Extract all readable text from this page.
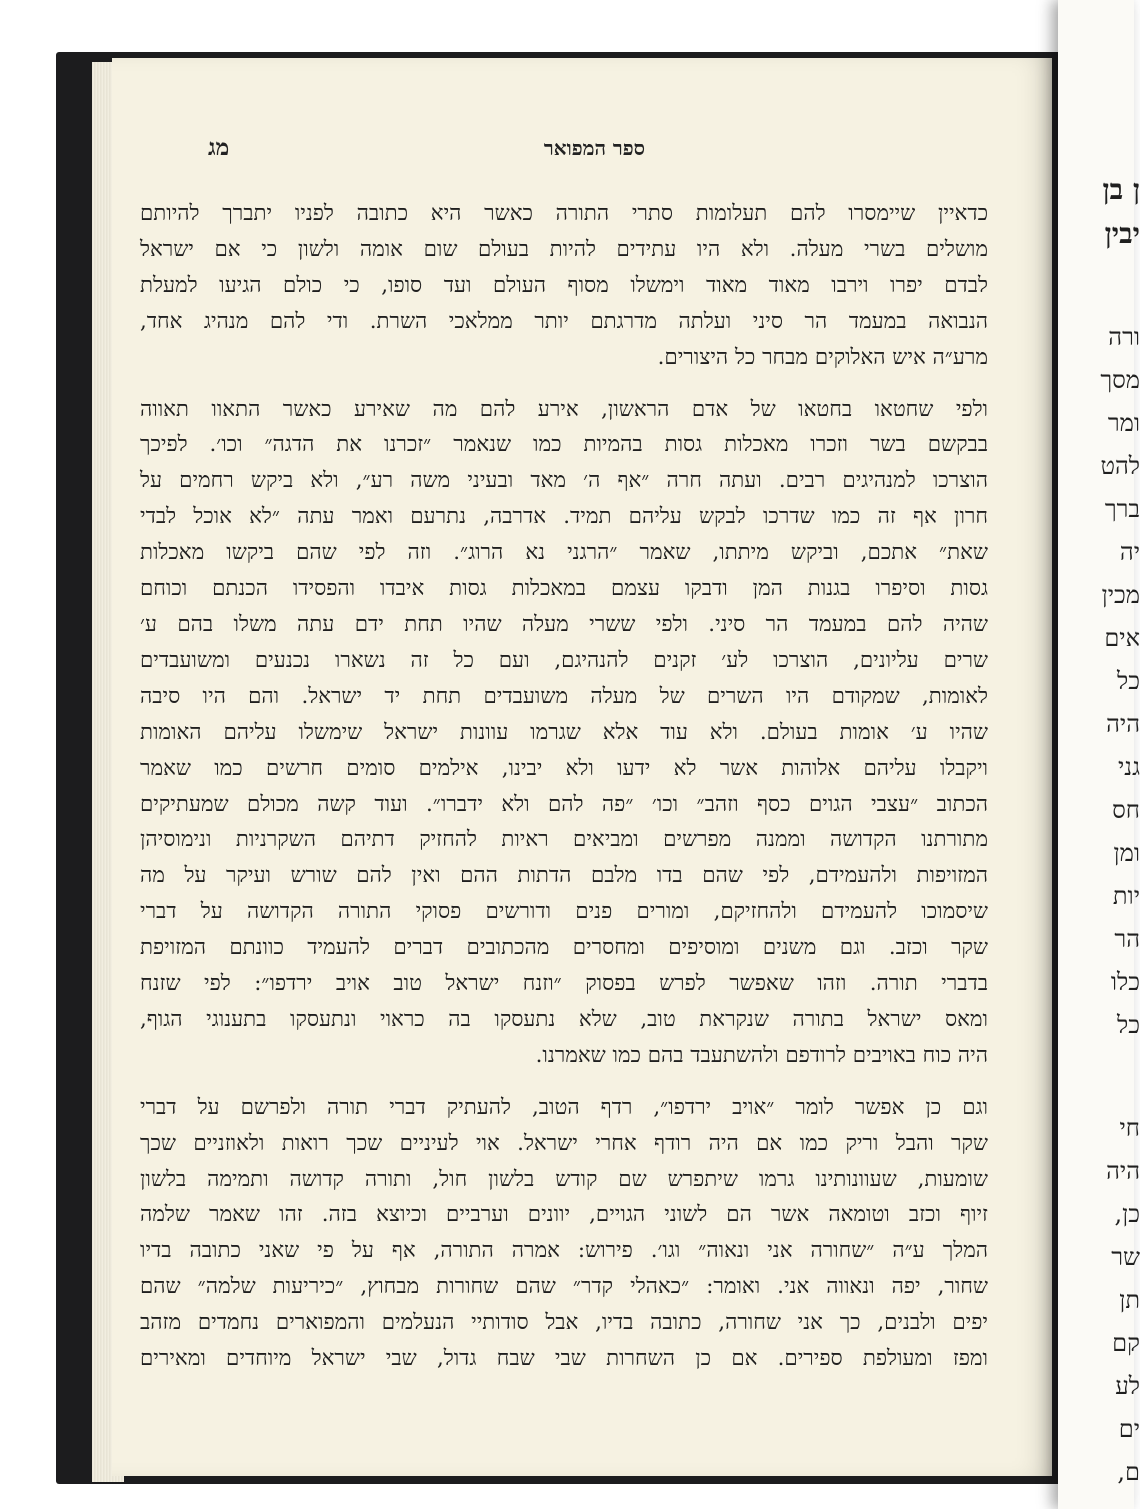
ספר המפואר
מג
כדאיין שיימסרו להם תעלומות סתרי התורה כאשר היא כתובה לפניו יתברך להיותם
מושלים בשרי מעלה. ולא היו עתידים להיות בעולם שום אומה ולשון כי אם ישראל
לבדם יפרו וירבו מאוד מאוד וימשלו מסוף העולם ועד סופו, כי כולם הגיעו למעלת
הנבואה במעמד הר סיני ועלתה מדרגתם יותר ממלאכי השרת. ודי להם מנהיג אחד,
מרע״ה איש האלוקים מבחר כל היצורים.
ולפי שחטאו בחטאו של אדם הראשון, אירע להם מה שאירע כאשר התאוו תאווה
בבקשם בשר וזכרו מאכלות גסות בהמיות כמו שנאמר ״זכרנו את הדגה״ וכו׳. לפיכך
הוצרכו למנהיגים רבים. ועתה חרה ״אף ה׳ מאד ובעיני משה רע״, ולא ביקש רחמים על
חרון אף זה כמו שדרכו לבקש עליהם תמיד. אדרבה, נתרעם ואמר עתה ״לא אוכל לבדי
שאת״ אתכם, וביקש מיתתו, שאמר ״הרגני נא הרוג״. וזה לפי שהם ביקשו מאכלות
גסות וסיפרו בגנות המן ודבקו עצמם במאכלות גסות איבדו והפסידו הכנתם וכוחם
שהיה להם במעמד הר סיני. ולפי ששרי מעלה שהיו תחת ידם עתה משלו בהם ע׳
שרים עליונים, הוצרכו לע׳ זקנים להנהיגם, ועם כל זה נשארו נכנעים ומשועבדים
לאומות, שמקודם היו השרים של מעלה משועבדים תחת יד ישראל. והם היו סיבה
שהיו ע׳ אומות בעולם. ולא עוד אלא שגרמו עוונות ישראל שימשלו עליהם האומות
ויקבלו עליהם אלוהות אשר לא ידעו ולא יבינו, אילמים סומים חרשים כמו שאמר
הכתוב ״עצבי הגוים כסף וזהב״ וכו׳ ״פה להם ולא ידברו״. ועוד קשה מכולם שמעתיקים
מתורתנו הקדושה וממנה מפרשים ומביאים ראיות להחזיק דתיהם השקרניות ונימוסיהן
המזויפות ולהעמידם, לפי שהם בדו מלבם הדתות ההם ואין להם שורש ועיקר על מה
שיסמוכו להעמידם ולהחזיקם, ומורים פנים ודורשים פסוקי התורה הקדושה על דברי
שקר וכזב. וגם משנים ומוסיפים ומחסרים מהכתובים דברים להעמיד כוונתם המזויפת
בדברי תורה. וזהו שאפשר לפרש בפסוק ״וזנח ישראל טוב אויב ירדפו״: לפי שזנח
ומאס ישראל בתורה שנקראת טוב, שלא נתעסקו בה כראוי ונתעסקו בתענוגי הגוף,
היה כוח באויבים לרודפם ולהשתעבד בהם כמו שאמרנו.
וגם כן אפשר לומר ״אויב ירדפו״, רדף הטוב, להעתיק דברי תורה ולפרשם על דברי
שקר והבל וריק כמו אם היה רודף אחרי ישראל. אוי לעיניים שכך רואות ולאוזניים שכך
שומעות, שעוונותינו גרמו שיתפרש שם קודש בלשון חול, ותורה קדושה ותמימה בלשון
זיוף וכזב וטומאה אשר הם לשוני הגויים, יוונים וערביים וכיוצא בזה. זהו שאמר שלמה
המלך ע״ה ״שחורה אני ונאוה״ וגו׳. פירוש: אמרה התורה, אף על פי שאני כתובה בדיו
שחור, יפה ונאווה אני. ואומר: ״כאהלי קדר״ שהם שחורות מבחוץ, ״כיריעות שלמה״ שהם
יפים ולבנים, כך אני שחורה, כתובה בדיו, אבל סודותיי הנעלמים והמפוארים נחמדים מזהב
ומפז ומעולפת ספירים. אם כן השחרות שבי שבח גדול, שבי ישראל מיוחדים ומאירים
ן בן
יבין
ורה
מסך
ומר
להט
ברך
יה
מכין
אים
כל
היה
גני
חס
ומן
יות
הר
כלו
כל
חי
היה
כן,
שר
תן
קם
לע
ים
ם,
